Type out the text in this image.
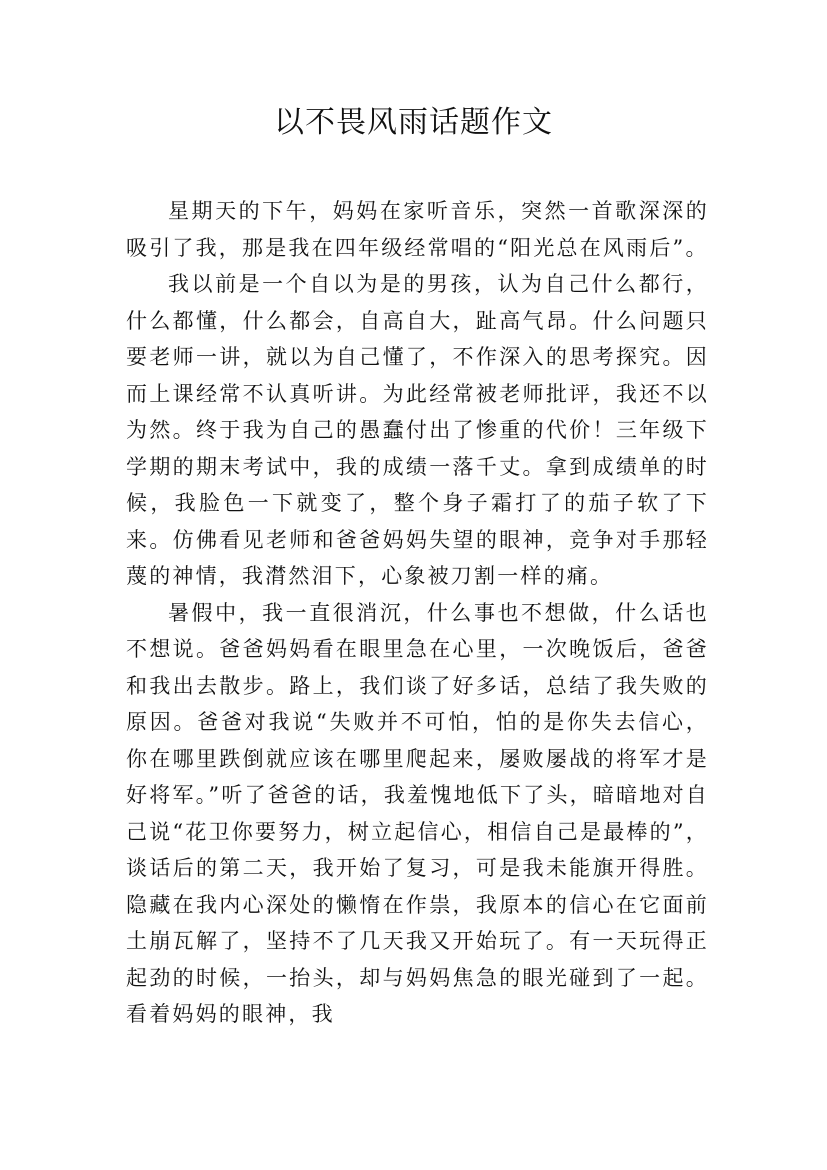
以不畏风雨话题作文

星期天的下午，妈妈在家听音乐，突然一首歌深深的吸引了我，那是我在四年级经常唱的“阳光总在风雨后”。

我以前是一个自以为是的男孩，认为自己什么都行，什么都懂，什么都会，自高自大，趾高气昂。什么问题只要老师一讲，就以为自己懂了，不作深入的思考探究。因而上课经常不认真听讲。为此经常被老师批评，我还不以为然。终于我为自己的愚蠢付出了惨重的代价！三年级下学期的期末考试中，我的成绩一落千丈。拿到成绩单的时候，我脸色一下就变了，整个身子霜打了的茄子软了下来。仿佛看见老师和爸爸妈妈失望的眼神，竞争对手那轻蔑的神情，我潸然泪下，心象被刀割一样的痛。

暑假中，我一直很消沉，什么事也不想做，什么话也不想说。爸爸妈妈看在眼里急在心里，一次晚饭后，爸爸和我出去散步。路上，我们谈了好多话，总结了我失败的原因。爸爸对我说“失败并不可怕，怕的是你失去信心，你在哪里跌倒就应该在哪里爬起来，屡败屡战的将军才是好将军。”听了爸爸的话，我羞愧地低下了头，暗暗地对自己说“花卫你要努力，树立起信心，相信自己是最棒的”，谈话后的第二天，我开始了复习，可是我未能旗开得胜。隐藏在我内心深处的懒惰在作祟，我原本的信心在它面前土崩瓦解了，坚持不了几天我又开始玩了。有一天玩得正起劲的时候，一抬头，却与妈妈焦急的眼光碰到了一起。看着妈妈的眼神，我
